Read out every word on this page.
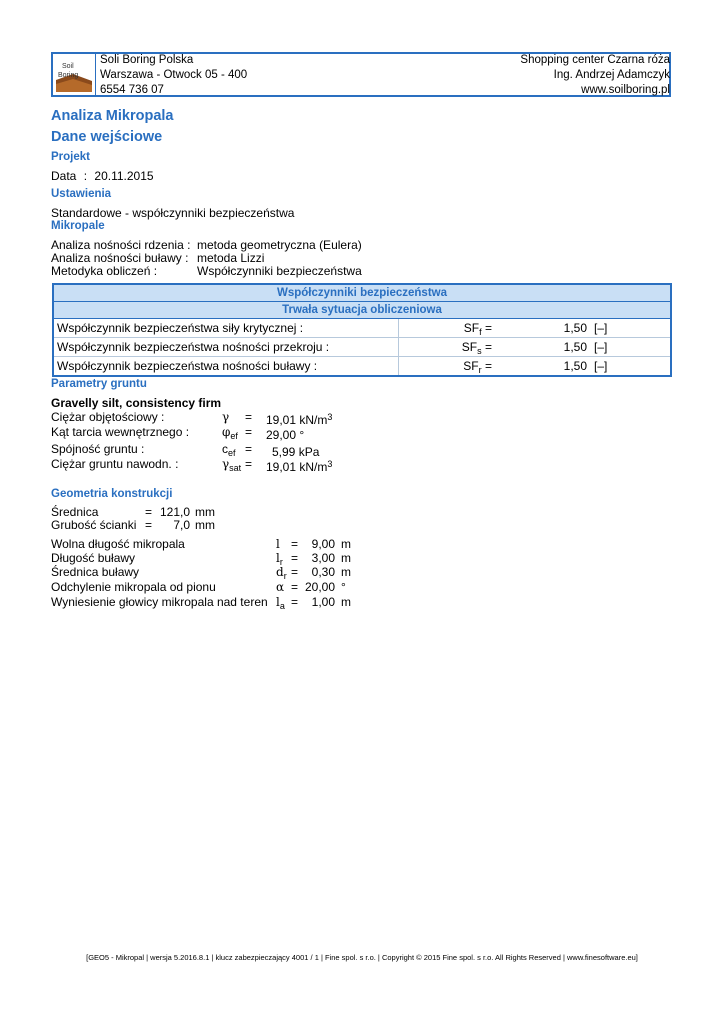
Soil
Boring
Soli Boring Polska
Warszawa - Otwock 05 - 400
6554 736 07
Shopping center Czarna róża
Ing. Andrzej Adamczyk
www.soilboring.pl
Analiza Mikropala
Dane wejściowe
Projekt
Data : 20.11.2015
Ustawienia
Standardowe - współczynniki bezpieczeństwa
Mikropale
Analiza nośności rdzenia : metoda geometryczna (Eulera)
Analiza nośności buławy : metoda Lizzi
Metodyka obliczeń :	Współczynniki bezpieczeństwa
Współczynniki bezpieczeństwa
Trwała sytuacja obliczeniowa
Współczynnik bezpieczeństwa siły krytycznej :	$SF_f$ =	1,50 [–]
Współczynnik bezpieczeństwa nośności przekroju :	$SF_s$ =	1,50 [–]
Współczynnik bezpieczeństwa nośności buławy :	$SF_r$ =	1,50 [–]
Parametry gruntu
Gravelly silt, consistency firm
Ciężar objętościowy :	γ = 19,01 $kN/m^3$
Kąt tarcia wewnętrznego :	$\varphi_{ef} = 29,00$ °
Spójność gruntu :	$c_{ef} = 5,99$ kPa
Ciężar gruntu nawodn. :	$\gamma_{sat} = 19,01$ $kN/m^3$
Geometria konstrukcji
Średnica	= 121,0 mm
Grubość ścianki =	7,0 mm
Wolna długość mikropala	l =	9,00 m
Długość buławy	$l_r$ =	3,00 m
Średnica buławy	$d_r$ =	0,30 m
Odchylenie mikropala od pionu	α = 20,00 °
Wyniesienie głowicy mikropala nad teren $l_a$ =	1,00 m
[GEO5 - Mikropal | wersja 5.2016.8.1 | klucz zabezpieczający 4001 / 1 | Fine spol. s r.o. | Copyright © 2015 Fine spol. s r.o. All Rights Reserved | www.finesoftware.eu]
